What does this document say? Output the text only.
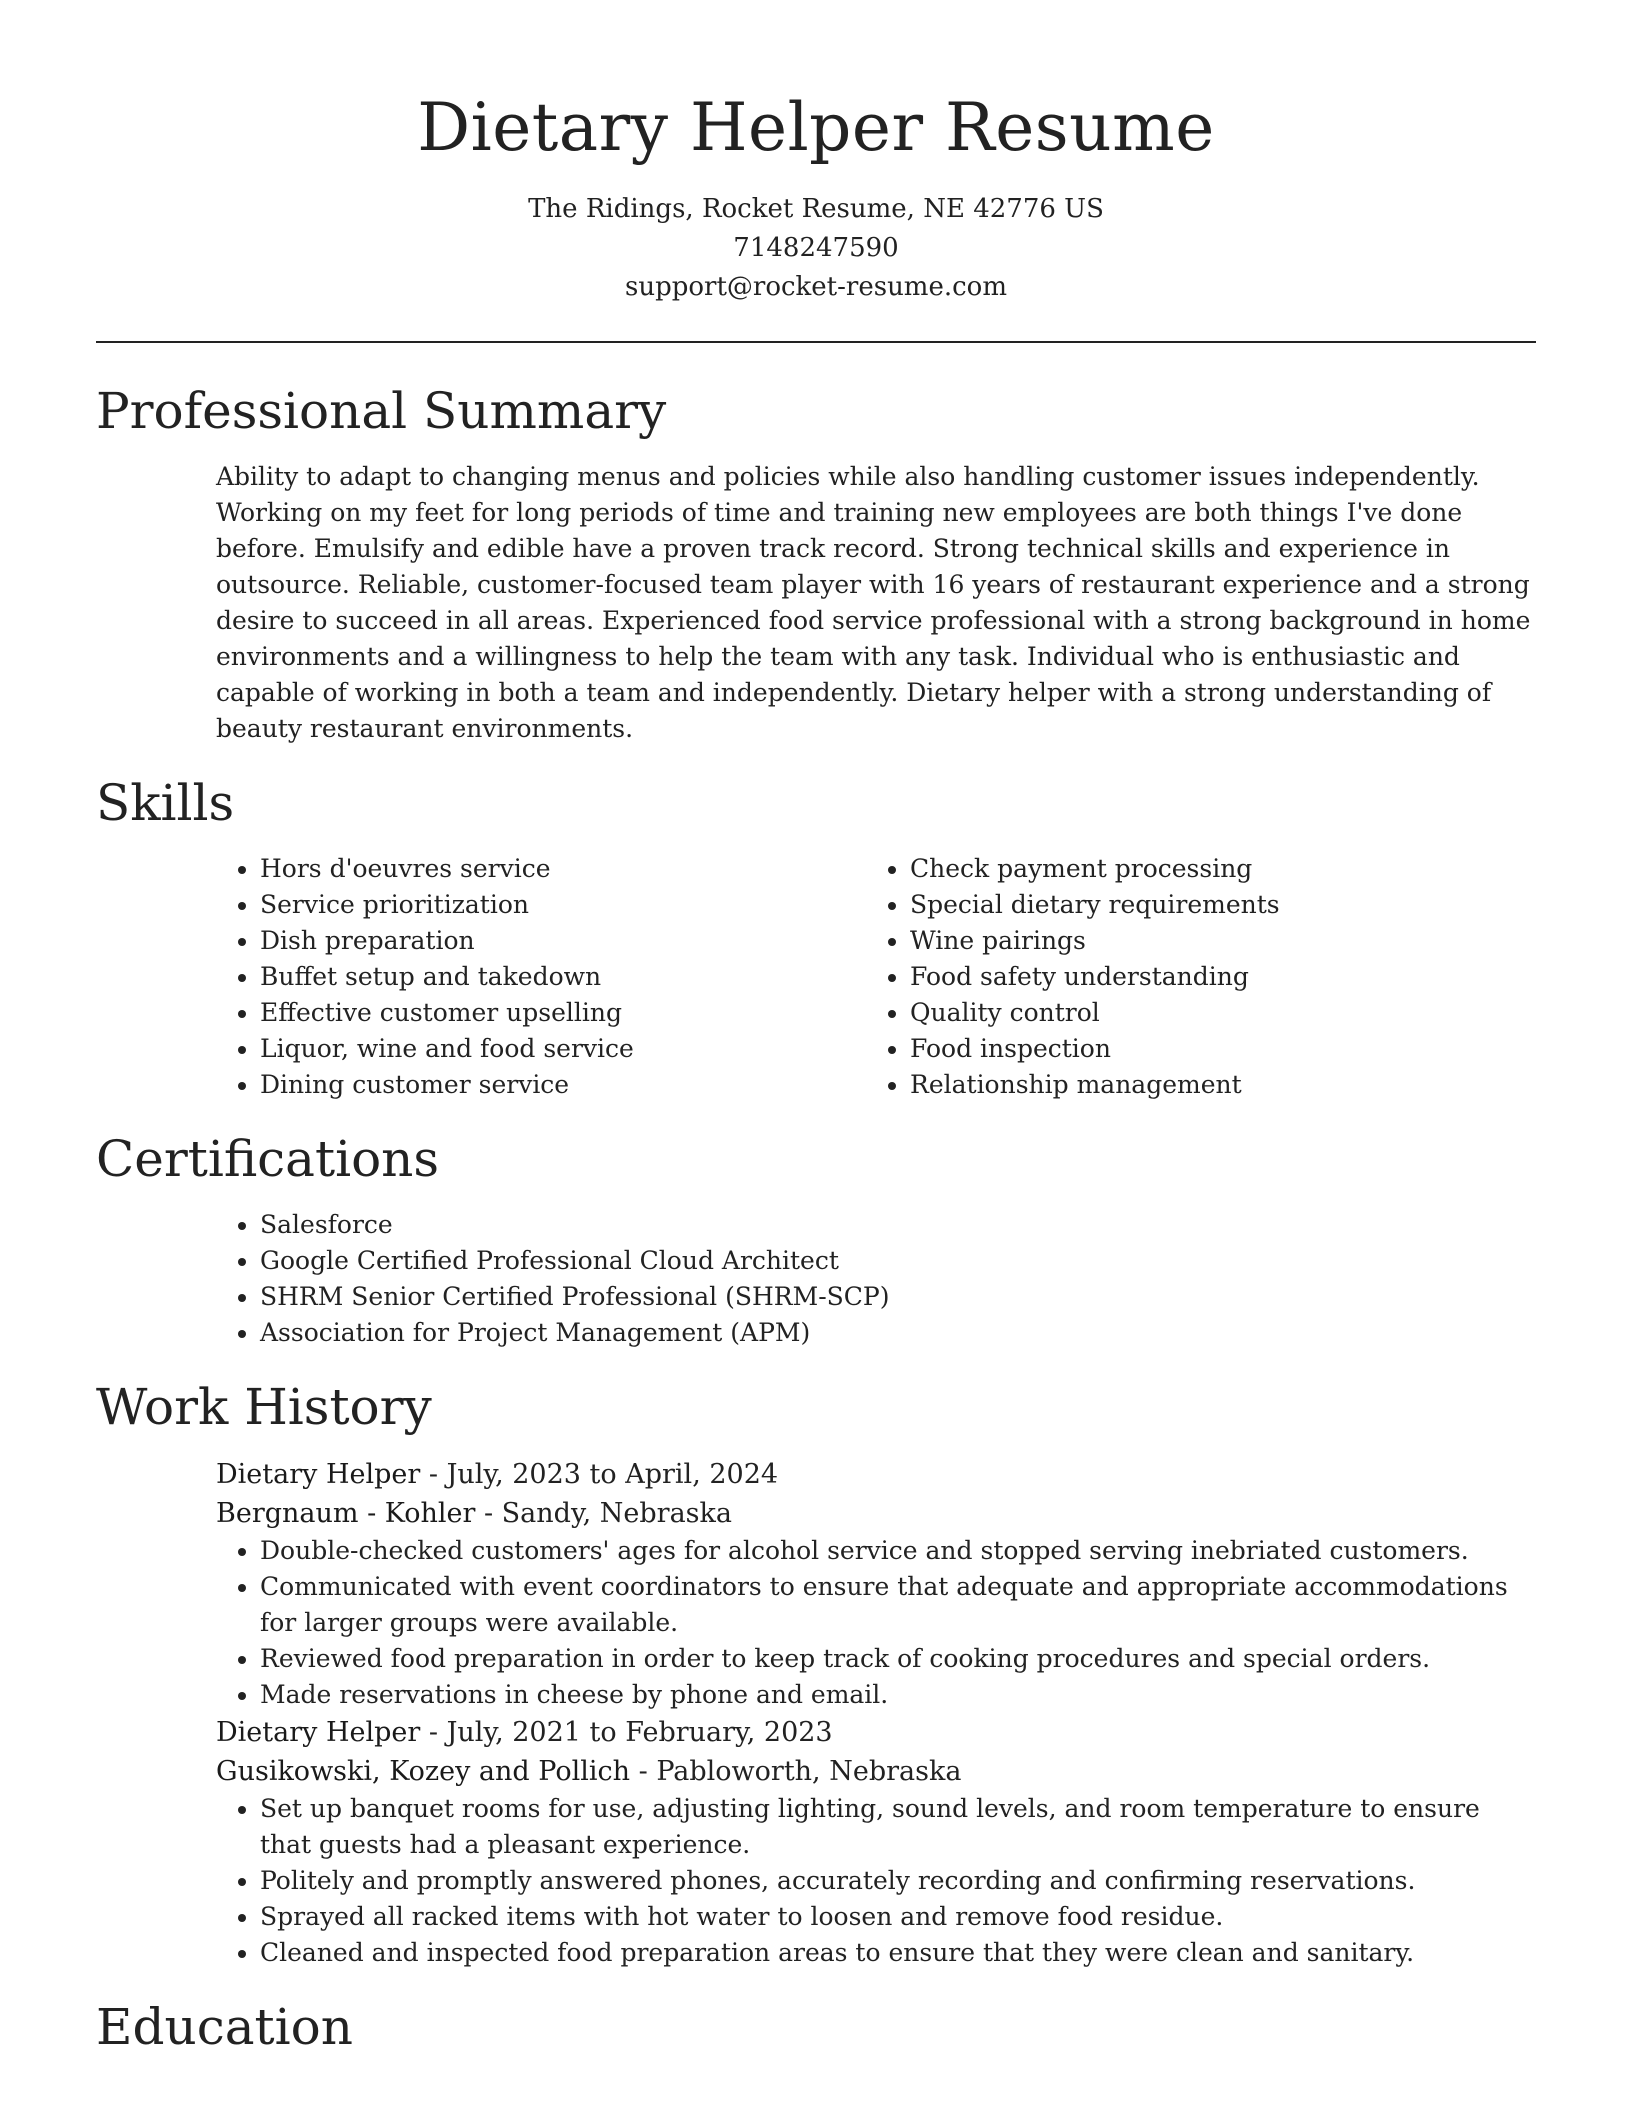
Dietary Helper Resume

The Ridings, Rocket Resume, NE 42776 US

7148247590

support@rocket-resume.com

Professional Summary

Ability to adapt to changing menus and policies while also handling customer issues independently. Working on my feet for long periods of time and training new employees are both things I've done before. Emulsify and edible have a proven track record. Strong technical skills and experience in outsource. Reliable, customer-focused team player with 16 years of restaurant experience and a strong desire to succeed in all areas. Experienced food service professional with a strong background in home environments and a willingness to help the team with any task. Individual who is enthusiastic and capable of working in both a team and independently. Dietary helper with a strong understanding of beauty restaurant environments.

Skills
• Hors d'oeuvres service
• Service prioritization
• Dish preparation
• Buffet setup and takedown
• Effective customer upselling
• Liquor, wine and food service
• Dining customer service
• Check payment processing
• Special dietary requirements
• Wine pairings
• Food safety understanding
• Quality control
• Food inspection
• Relationship management
Certifications
• Salesforce
• Google Certified Professional Cloud Architect
• SHRM Senior Certified Professional (SHRM-SCP)
• Association for Project Management (APM)
Work History

Dietary Helper - July, 2023 to April, 2024

Bergnaum - Kohler - Sandy, Nebraska

• Double-checked customers' ages for alcohol service and stopped serving inebriated customers.
• Communicated with event coordinators to ensure that adequate and appropriate accommodations for larger groups were available.
• Reviewed food preparation in order to keep track of cooking procedures and special orders.
• Made reservations in cheese by phone and email.

Dietary Helper - July, 2021 to February, 2023

Gusikowski, Kozey and Pollich - Pabloworth, Nebraska

• Set up banquet rooms for use, adjusting lighting, sound levels, and room temperature to ensure that guests had a pleasant experience.
• Politely and promptly answered phones, accurately recording and confirming reservations.
• Sprayed all racked items with hot water to loosen and remove food residue.
• Cleaned and inspected food preparation areas to ensure that they were clean and sanitary.
Education
